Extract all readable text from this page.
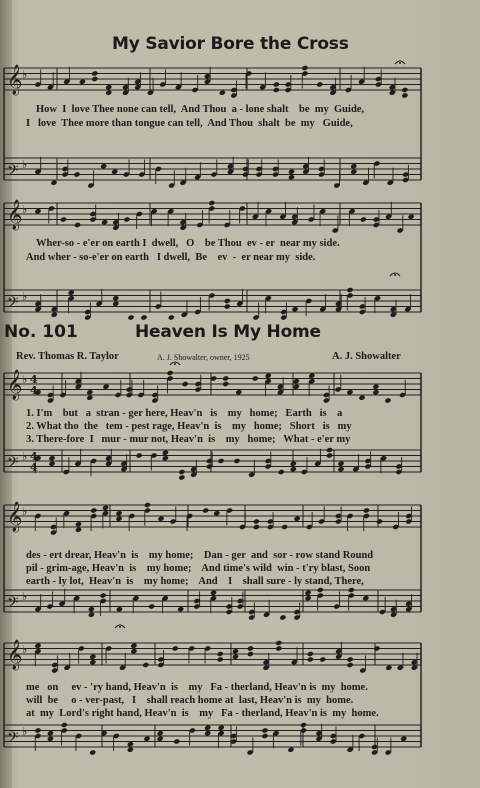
𝄞 ♭
𝄢 ♭
𝄞 ♭
𝄢 ♭
𝄞 ♭
𝄢 ♭
𝄞 ♭
𝄢 ♭
𝄞 ♭
𝄢 ♭
4
4
4
4
My Savior Bore the Cross
How  I  love Thee none can tell,  And Thou  a - lone shalt    be  my  Guide,
I   love  Thee more than tongue can tell,  And Thou  shalt  be  my   Guide,
Wher-so - e'er on earth I  dwell,   O    be Thou  ev - er  near my side.
And wher - so-e'er on earth   I dwell,  Be    ev  -  er near my  side.
No. 101	Heaven Is My Home
Rev. Thomas R. Taylor	A. J. Showalter, owner, 1925	A. J. Showalter
1. I'm    but   a  stran - ger here, Heav'n   is    my   home;   Earth   is    a
2. What tho  the   tem - pest rage, Heav'n  is    my   home;   Short   is   my
3. There-fore  I   mur - mur not, Heav'n  is    my   home;   What - e'er my
des - ert drear, Heav'n  is    my home;    Dan - ger  and  sor - row stand Round
pil - grim-age, Heav'n  is    my home;    And time's wild  win - t'ry blast, Soon
earth - ly lot,  Heav'n  is    my home;    And    I    shall sure - ly stand, There,
me   on     ev - 'ry hand, Heav'n  is    my   Fa - therland, Heav'n is  my  home.
will  be     o - ver-past,   I    shall reach home at  last, Heav'n is  my  home.
at  my  Lord's right hand, Heav'n  is    my   Fa - therland, Heav'n is  my  home.
